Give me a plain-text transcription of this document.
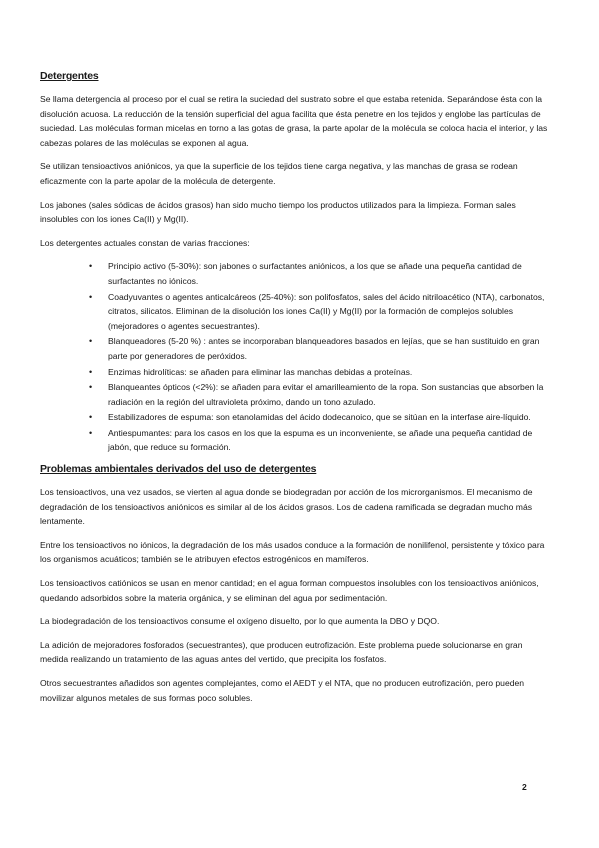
Detergentes

Se llama detergencia al proceso por el cual se retira la suciedad del sustrato sobre el que estaba retenida. Separándose ésta con la disolución acuosa. La reducción de la tensión superficial del agua facilita que ésta penetre en los tejidos y englobe las partículas de suciedad. Las moléculas forman micelas en torno a las gotas de grasa, la parte apolar de la molécula se coloca hacia el interior, y las cabezas polares de las moléculas se exponen al agua.

Se utilizan tensioactivos aniónicos, ya que la superficie de los tejidos tiene carga negativa, y las manchas de grasa se rodean eficazmente con la parte apolar de la molécula de detergente.

Los jabones (sales sódicas de ácidos grasos) han sido mucho tiempo los productos utilizados para la limpieza. Forman sales insolubles con los iones Ca(II) y Mg(II).

Los detergentes actuales constan de varias fracciones:

• Principio activo (5-30%): son jabones o surfactantes aniónicos, a los que se añade una pequeña cantidad de surfactantes no iónicos.
• Coadyuvantes o agentes anticalcáreos (25-40%): son polifosfatos, sales del ácido nitriloacético (NTA), carbonatos, citratos, silicatos. Eliminan de la disolución los iones Ca(II) y Mg(II) por la formación de complejos solubles (mejoradores o agentes secuestrantes).
• Blanqueadores (5-20 %) : antes se incorporaban blanqueadores basados en lejías, que se han sustituido en gran parte por generadores de peróxidos.
• Enzimas hidrolíticas: se añaden para eliminar las manchas debidas a proteínas.
• Blanqueantes ópticos (<2%): se añaden para evitar el amarilleamiento de la ropa. Son sustancias que absorben la radiación en la región del ultravioleta próximo, dando un tono azulado.
• Estabilizadores de espuma: son etanolamidas del ácido dodecanoico, que se sitúan en la interfase aire-líquido.
• Antiespumantes: para los casos en los que la espuma es un inconveniente, se añade una pequeña cantidad de jabón, que reduce su formación.
Problemas ambientales derivados del uso de detergentes

Los tensioactivos, una vez usados, se vierten al agua donde se biodegradan por acción de los microrganismos. El mecanismo de degradación de los tensioactivos aniónicos es similar al de los ácidos grasos. Los de cadena ramificada se degradan mucho más lentamente.

Entre los tensioactivos no iónicos, la degradación de los más usados conduce a la formación de nonilifenol, persistente y tóxico para los organismos acuáticos; también se le atribuyen efectos estrogénicos en mamíferos.

Los tensioactivos catiónicos se usan en menor cantidad; en el agua forman compuestos insolubles con los tensioactivos aniónicos, quedando adsorbidos sobre la materia orgánica, y se eliminan del agua por sedimentación.

La biodegradación de los tensioactivos consume el oxígeno disuelto, por lo que aumenta la DBO y DQO.

La adición de mejoradores fosforados (secuestrantes), que producen eutrofización. Este problema puede solucionarse en gran medida realizando un tratamiento de las aguas antes del vertido, que precipita los fosfatos.

Otros secuestrantes añadidos son agentes complejantes, como el AEDT y el NTA, que no producen eutrofización, pero pueden movilizar algunos metales de sus formas poco solubles.

2
